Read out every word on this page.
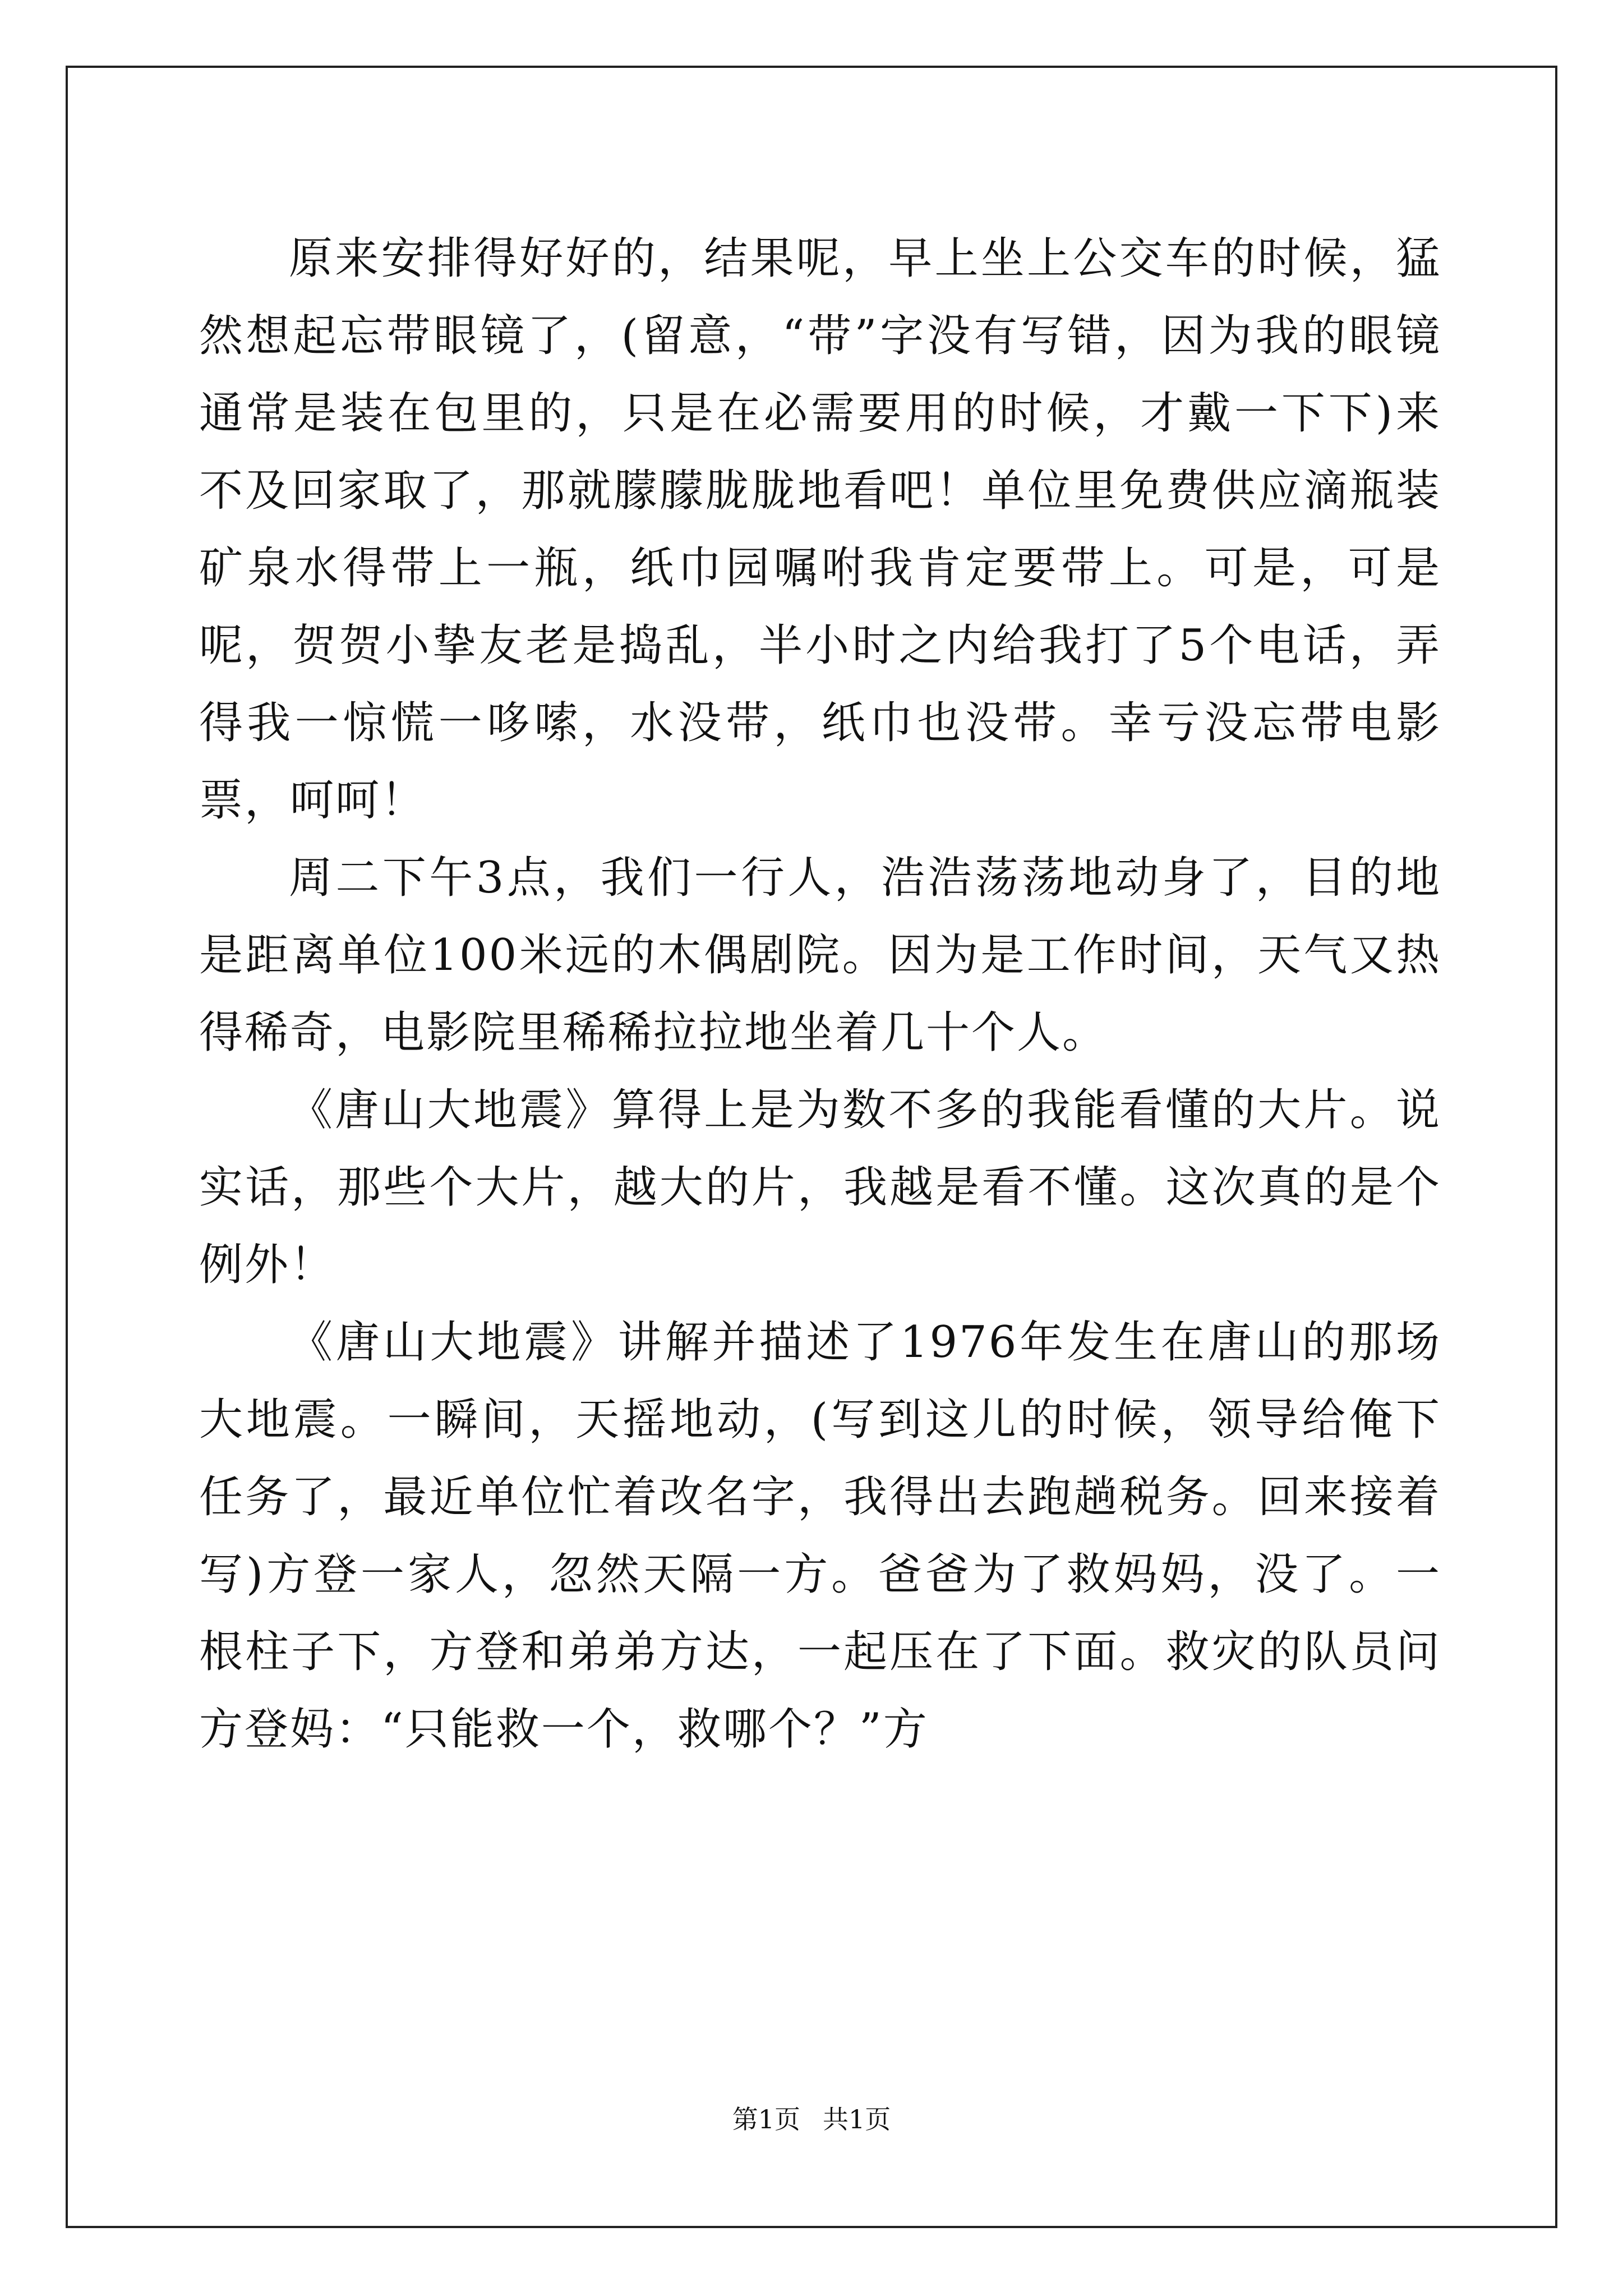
原来安排得好好的，结果呢，早上坐上公交车的时候，猛然想起忘带眼镜了，(留意，“带”字没有写错，因为我的眼镜通常是装在包里的，只是在必需要用的时候，才戴一下下)来不及回家取了，那就朦朦胧胧地看吧！单位里免费供应滴瓶装矿泉水得带上一瓶，纸巾园嘱咐我肯定要带上。可是，可是呢，贺贺小挚友老是捣乱，半小时之内给我打了5个电话，弄得我一惊慌一哆嗦，水没带，纸巾也没带。幸亏没忘带电影票，呵呵！

周二下午3点，我们一行人，浩浩荡荡地动身了，目的地是距离单位100米远的木偶剧院。因为是工作时间，天气又热得稀奇，电影院里稀稀拉拉地坐着几十个人。

《唐山大地震》算得上是为数不多的我能看懂的大片。说实话，那些个大片，越大的片，我越是看不懂。这次真的是个例外！

《唐山大地震》讲解并描述了1976年发生在唐山的那场大地震。一瞬间，天摇地动，(写到这儿的时候，领导给俺下任务了，最近单位忙着改名字，我得出去跑趟税务。回来接着写)方登一家人，忽然天隔一方。爸爸为了救妈妈，没了。一根柱子下，方登和弟弟方达，一起压在了下面。救灾的队员问方登妈：“只能救一个，救哪个？”方

第1页 共1页
